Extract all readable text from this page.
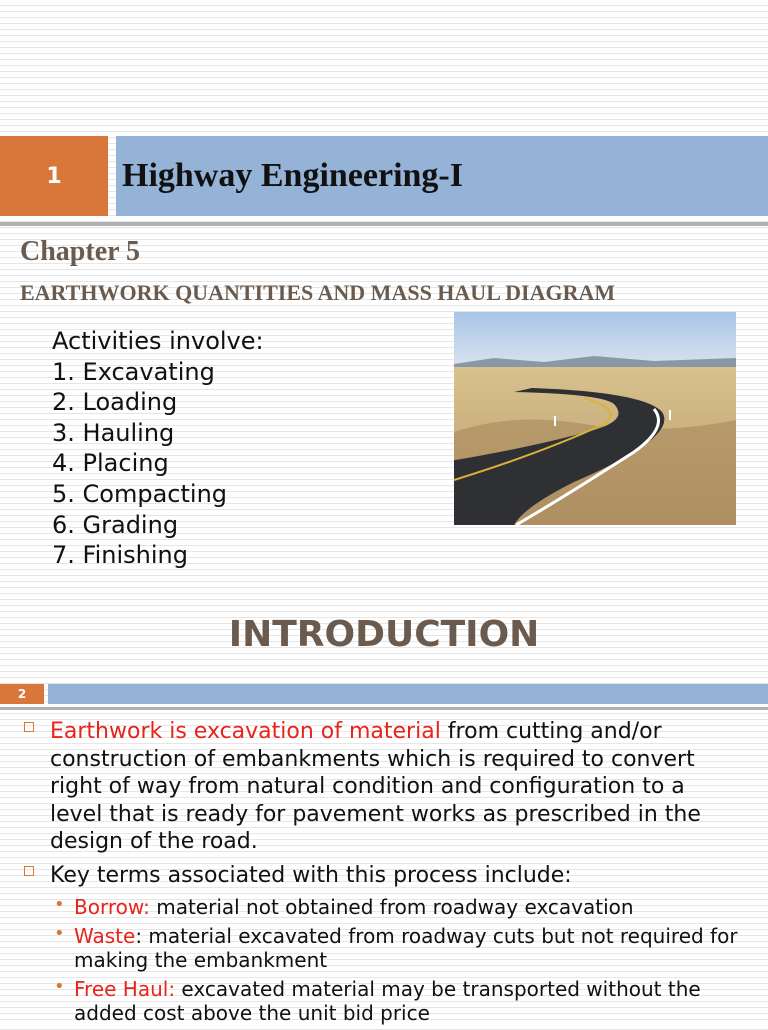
1 Highway Engineering-I
Chapter 5
EARTHWORK QUANTITIES AND MASS HAUL DIAGRAM
Activities involve:
1. Excavating
2. Loading
3. Hauling
4. Placing
5. Compacting
6. Grading
7. Finishing
INTRODUCTION
2
Earthwork is excavation of material from cutting and/or construction of embankments which is required to convert right of way from natural condition and configuration to a level that is ready for pavement works as prescribed in the design of the road.
Key terms associated with this process include:
• Borrow: material not obtained from roadway excavation
• Waste: material excavated from roadway cuts but not required for making the embankment
• Free Haul: excavated material may be transported without the added cost above the unit bid price
